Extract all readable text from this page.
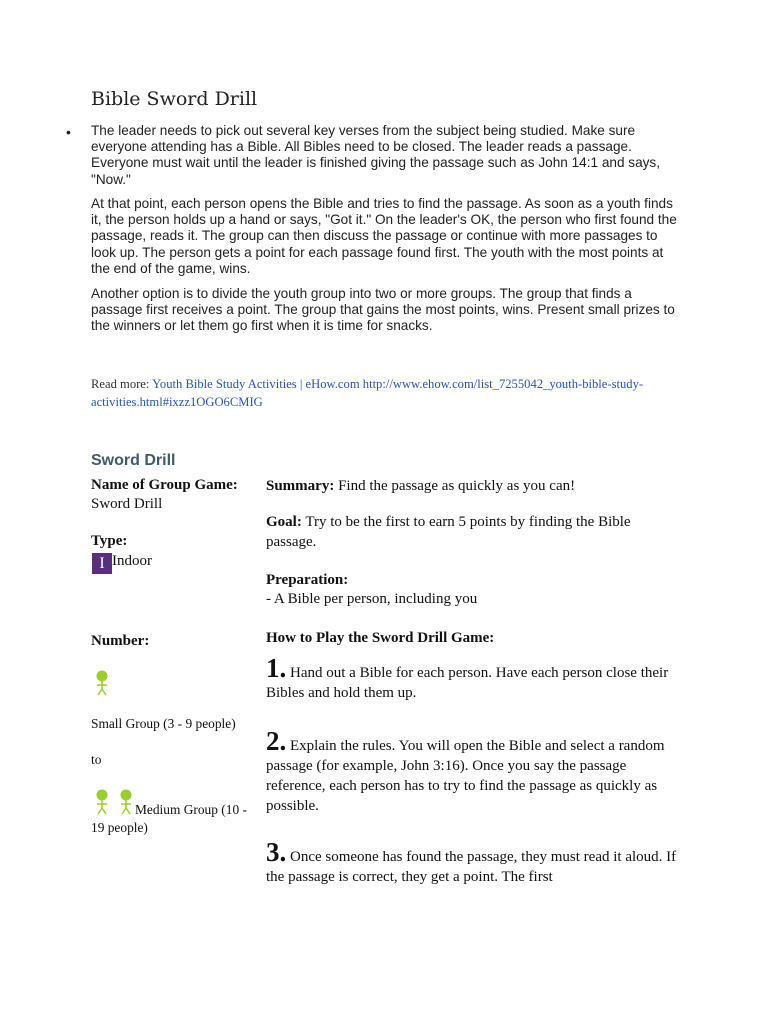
Bible Sword Drill
• The leader needs to pick out several key verses from the subject being studied. Make sure everyone attending has a Bible. All Bibles need to be closed. The leader reads a passage. Everyone must wait until the leader is finished giving the passage such as John 14:1 and says, "Now."

At that point, each person opens the Bible and tries to find the passage. As soon as a youth finds it, the person holds up a hand or says, "Got it." On the leader's OK, the person who first found the passage, reads it. The group can then discuss the passage or continue with more passages to look up. The person gets a point for each passage found first. The youth with the most points at the end of the game, wins.

Another option is to divide the youth group into two or more groups. The group that finds a passage first receives a point. The group that gains the most points, wins. Present small prizes to the winners or let them go first when it is time for snacks.

Read more: Youth Bible Study Activities | eHow.com http://www.ehow.com/list_7255042_youth-bible-study-activities.html#ixzz1OGO6CMIG
Sword Drill
Name of Group Game: Sword Drill
Type:
I Indoor
Number:
Small Group (3 - 9 people)
to

Medium Group (10 - 19 people)
Summary: Find the passage as quickly as you can!
Goal: Try to be the first to earn 5 points by finding the Bible passage.
Preparation:
- A Bible per person, including you
How to Play the Sword Drill Game:
1. Hand out a Bible for each person. Have each person close their Bibles and hold them up.
2. Explain the rules. You will open the Bible and select a random passage (for example, John 3:16). Once you say the passage reference, each person has to try to find the passage as quickly as possible.
3. Once someone has found the passage, they must read it aloud. If the passage is correct, they get a point. The first
